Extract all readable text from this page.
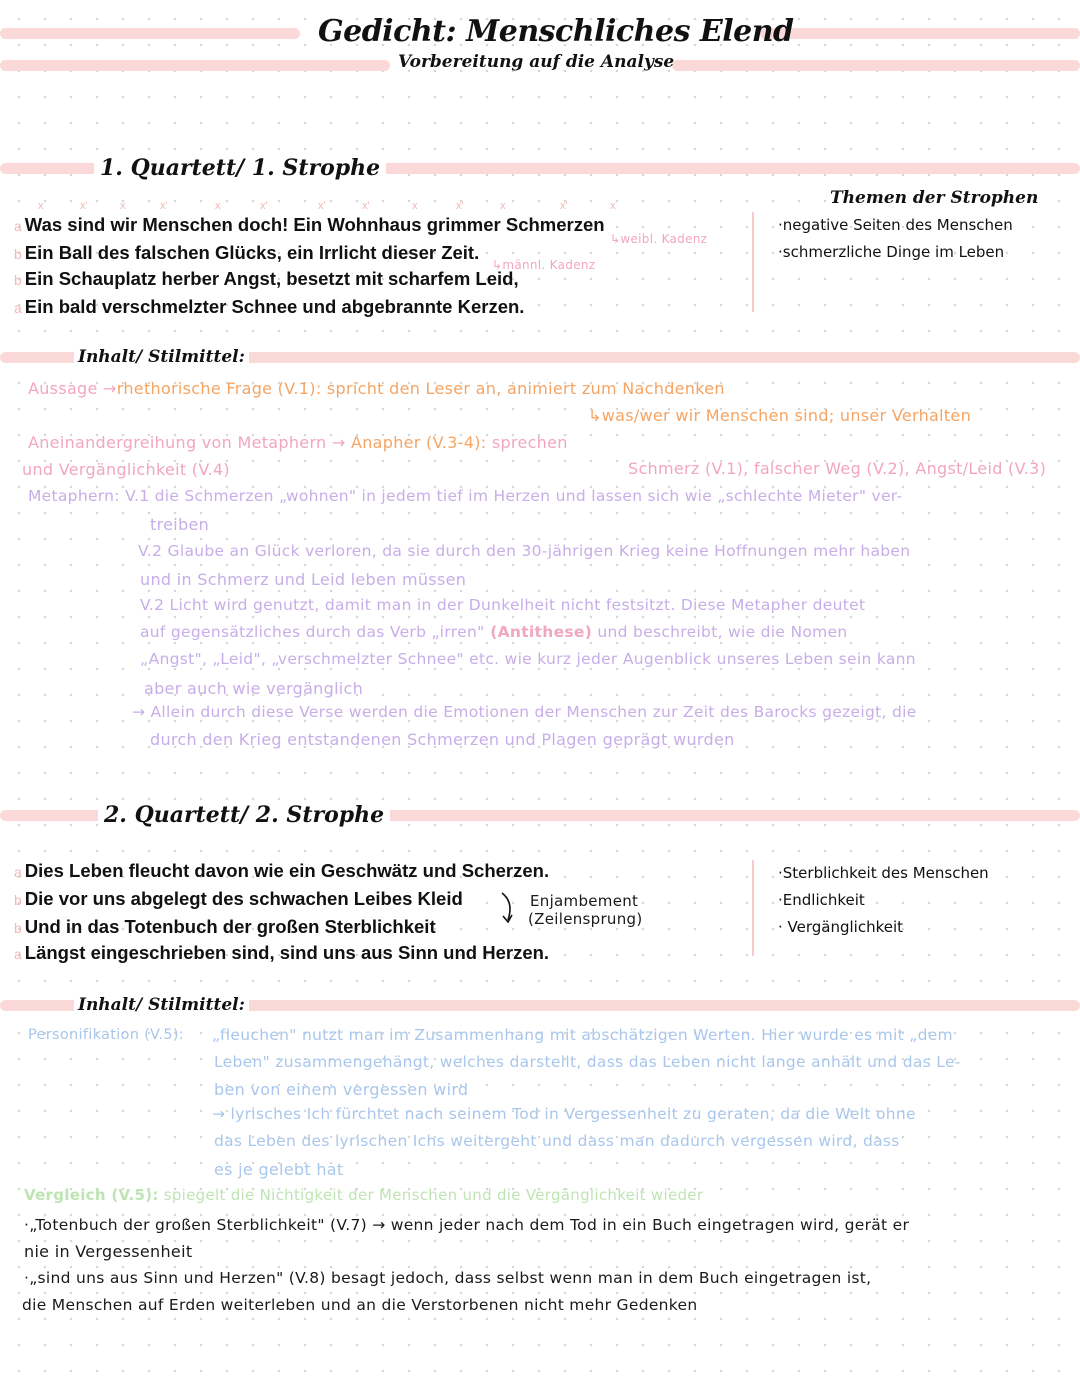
Gedicht: Menschliches Elend
Vorbereitung auf die Analyse
1. Quartett/ 1. Strophe
Themen der Strophen
x	x'	x	x'	x	x'	x'	x'	x	x'	x	x'	x
a Was sind wir Menschen doch! Ein Wohnhaus grimmer Schmerzen
b Ein Ball des falschen Glücks, ein Irrlicht dieser Zeit.
b Ein Schauplatz herber Angst, besetzt mit scharfem Leid,
a Ein bald verschmelzter Schnee und abgebrannte Kerzen.
↳weibl. Kadenz
↳männl. Kadenz
·negative Seiten des Menschen
·schmerzliche Dinge im Leben
Inhalt/ Stilmittel:
Aussage →rhethorische Frage (V.1): spricht den Leser an, animiert zum Nachdenken
↳was/wer wir Menschen sind; unser Verhalten
Aneinandergreihung von Metaphern → Anapher (V.3-4): sprechen
und Vergänglichkeit (V.4)	Schmerz (V.1), falscher Weg (V.2), Angst/Leid (V.3)
Metaphern: V.1 die Schmerzen „wohnen" in jedem tief im Herzen und lassen sich wie „schlechte Mieter" ver-
treiben
V.2 Glaube an Glück verloren, da sie durch den 30-jährigen Krieg keine Hoffnungen mehr haben
und in Schmerz und Leid leben müssen
V.2 Licht wird genutzt, damit man in der Dunkelheit nicht festsitzt. Diese Metapher deutet
auf gegensätzliches durch das Verb „irren" (Antithese) und beschreibt, wie die Nomen
„Angst", „Leid", „verschmelzter Schnee" etc. wie kurz jeder Augenblick unseres Leben sein kann
aber auch wie vergänglich
→ Allein durch diese Verse werden die Emotionen der Menschen zur Zeit des Barocks gezeigt, die
durch den Krieg entstandenen Schmerzen und Plagen geprägt wurden
2. Quartett/ 2. Strophe
a Dies Leben fleucht davon wie ein Geschwätz und Scherzen.
b Die vor uns abgelegt des schwachen Leibes Kleid
b Und in das Totenbuch der großen Sterblichkeit
a Längst eingeschrieben sind, sind uns aus Sinn und Herzen.
Enjambement
(Zeilensprung)
·Sterblichkeit des Menschen
·Endlichkeit
· Vergänglichkeit
Inhalt/ Stilmittel:
Personifikation (V.5): „fleuchen" nutzt man im Zusammenhang mit abschätzigen Werten. Hier wurde es mit „dem
Leben" zusammengehängt, welches darstellt, dass das Leben nicht lange anhält und das Le-
ben von einem vergessen wird
→ lyrisches Ich fürchtet nach seinem Tod in Vergessenheit zu geraten, da die Welt ohne
das Leben des lyrischen Ichs weitergeht und dass man dadurch vergessen wird, dass
es je gelebt hat
Vergleich (V.5): spiegelt die Nichtigkeit der Menschen und die Vergänglichkeit wieder
·„Totenbuch der großen Sterblichkeit" (V.7) → wenn jeder nach dem Tod in ein Buch eingetragen wird, gerät er
nie in Vergessenheit
·„sind uns aus Sinn und Herzen" (V.8) besagt jedoch, dass selbst wenn man in dem Buch eingetragen ist,
die Menschen auf Erden weiterleben und an die Verstorbenen nicht mehr Gedenken
